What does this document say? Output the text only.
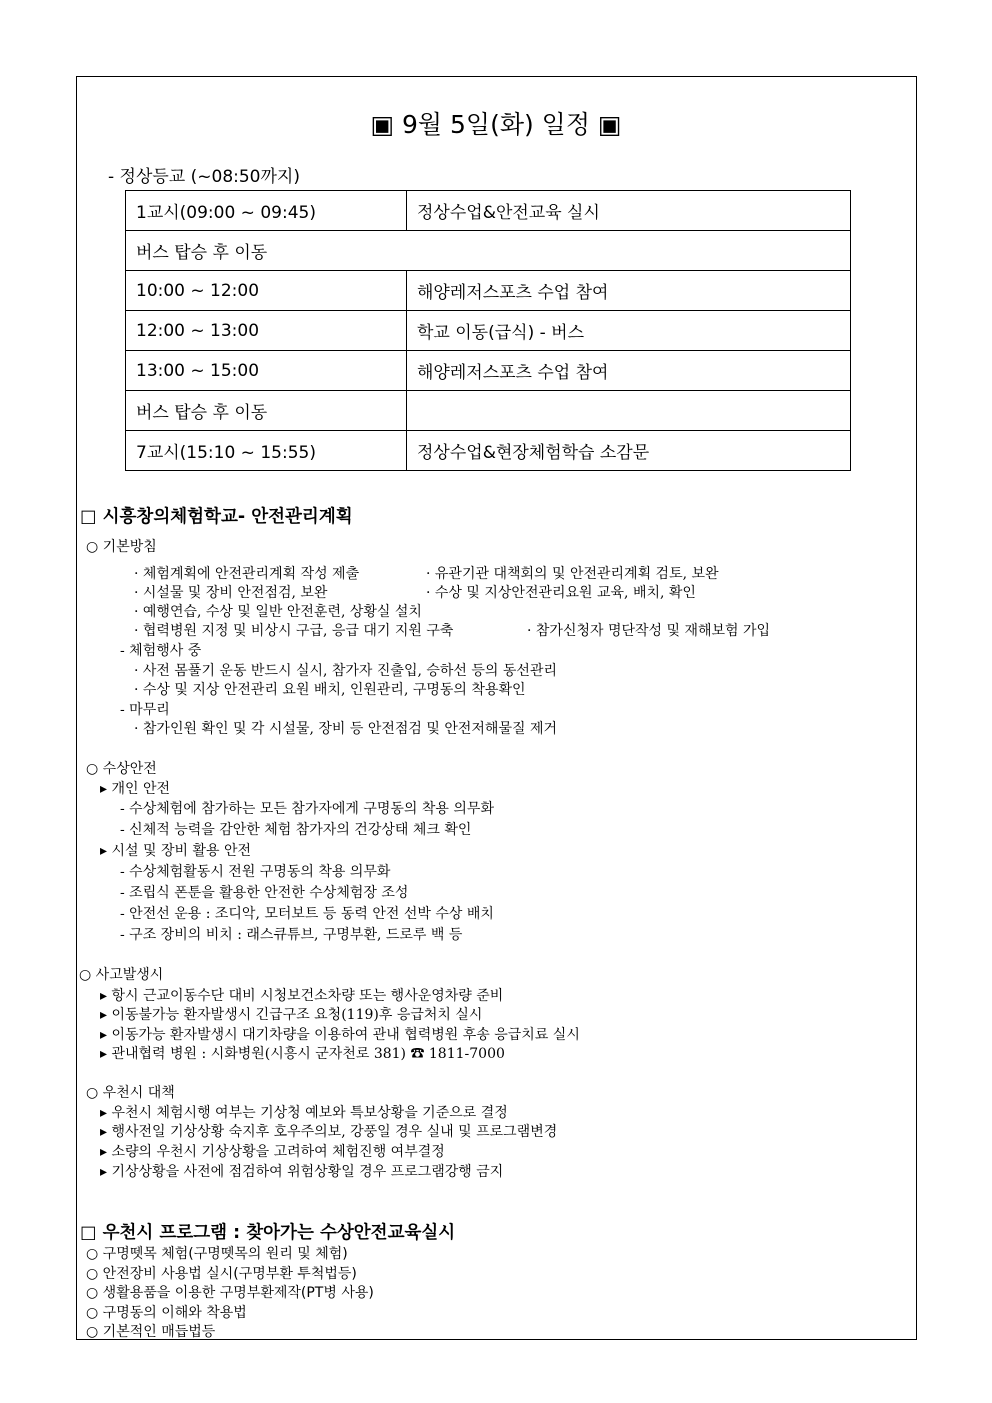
▣ 9월 5일(화) 일정 ▣
- 정상등교 (~08:50까지)
1교시(09:00 ~ 09:45)	정상수업&안전교육 실시
버스 탑승 후 이동	
10:00 ~ 12:00	해양레저스포츠 수업 참여
12:00 ~ 13:00	학교 이동(급식) - 버스
13:00 ~ 15:00	해양레저스포츠 수업 참여
버스 탑승 후 이동	
7교시(15:10 ~ 15:55)	정상수업&현장체험학습 소감문
□ 시흥창의체험학교- 안전관리계획
○ 기본방침
· 체험계획에 안전관리계획 작성 제출	· 유관기관 대책회의 및 안전관리계획 검토, 보완
· 시설물 및 장비 안전점검, 보완	· 수상 및 지상안전관리요원 교육, 배치, 확인
· 예행연습, 수상 및 일반 안전훈련, 상황실 설치
· 협력병원 지정 및 비상시 구급, 응급 대기 지원 구축	· 참가신청자 명단작성 및 재해보험 가입
- 체험행사 중
· 사전 몸풀기 운동 반드시 실시, 참가자 진출입, 승하선 등의 동선관리
· 수상 및 지상 안전관리 요원 배치, 인원관리, 구명동의 착용확인
- 마무리
· 참가인원 확인 및 각 시설물, 장비 등 안전점검 및 안전저해물질 제거
○ 수상안전
▸ 개인 안전
- 수상체험에 참가하는 모든 참가자에게 구명동의 착용 의무화
- 신체적 능력을 감안한 체험 참가자의 건강상태 체크 확인
▸ 시설 및 장비 활용 안전
- 수상체험활동시 전원 구명동의 착용 의무화
- 조립식 폰툰을 활용한 안전한 수상체험장 조성
- 안전선 운용 : 조디악, 모터보트 등 동력 안전 선박 수상 배치
- 구조 장비의 비치 : 래스큐튜브, 구명부환, 드로루 백 등
○ 사고발생시
▸ 항시 근교이동수단 대비 시청보건소차량 또는 행사운영차량 준비
▸ 이동불가능 환자발생시 긴급구조 요청(119)후 응급처치 실시
▸ 이동가능 환자발생시 대기차량을 이용하여 관내 협력병원 후송 응급치료 실시
▸ 관내협력 병원 : 시화병원(시흥시 군자천로 381) ☎ 1811-7000
○ 우천시 대책
▸ 우천시 체험시행 여부는 기상청 예보와 특보상황을 기준으로 결정
▸ 행사전일 기상상황 숙지후 호우주의보, 강풍일 경우 실내 및 프로그램변경
▸ 소량의 우천시 기상상황을 고려하여 체험진행 여부결정
▸ 기상상황을 사전에 점검하여 위험상황일 경우 프로그램강행 금지
□ 우천시 프로그램 : 찾아가는 수상안전교육실시
○ 구명뗏목 체험(구명뗏목의 원리 및 체험)
○ 안전장비 사용법 실시(구명부환 투척법등)
○ 생활용품을 이용한 구명부환제작(PT병 사용)
○ 구명동의 이해와 착용법
○ 기본적인 매듭법등
